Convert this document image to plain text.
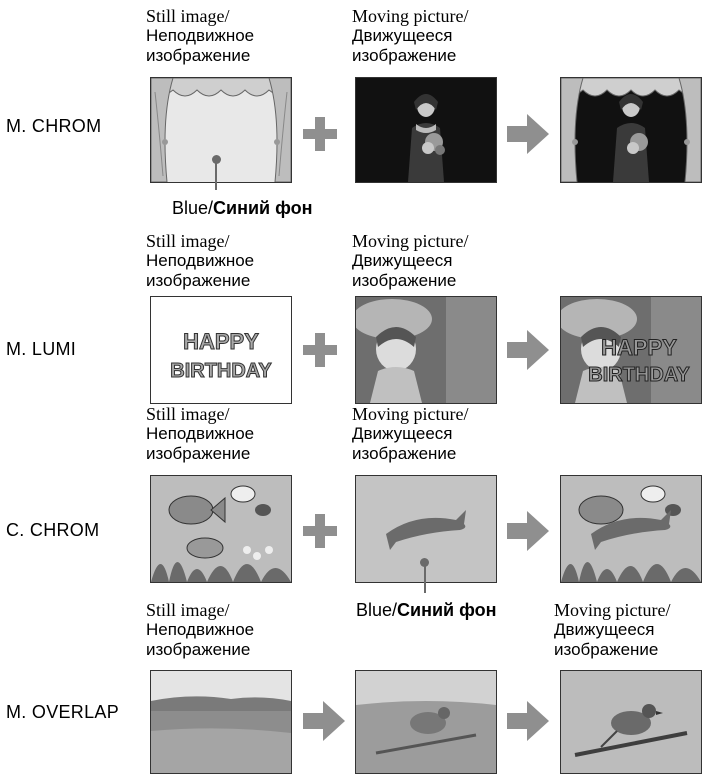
Still image/
Неподвижное
изображение
Moving picture/
Движущееся
изображение
M. CHROM
Blue/Синий фон
Still image/
Неподвижное
изображение
Moving picture/
Движущееся
изображение
M. LUMI	HAPPY
BIRTHDAY
HAPPY
BIRTHDAY
Still image/
Неподвижное
изображение
Moving picture/
Движущееся
изображение
C. CHROM
Blue/Синий фон
Still image/
Неподвижное
изображение
Moving picture/
Движущееся
изображение
M. OVERLAP
